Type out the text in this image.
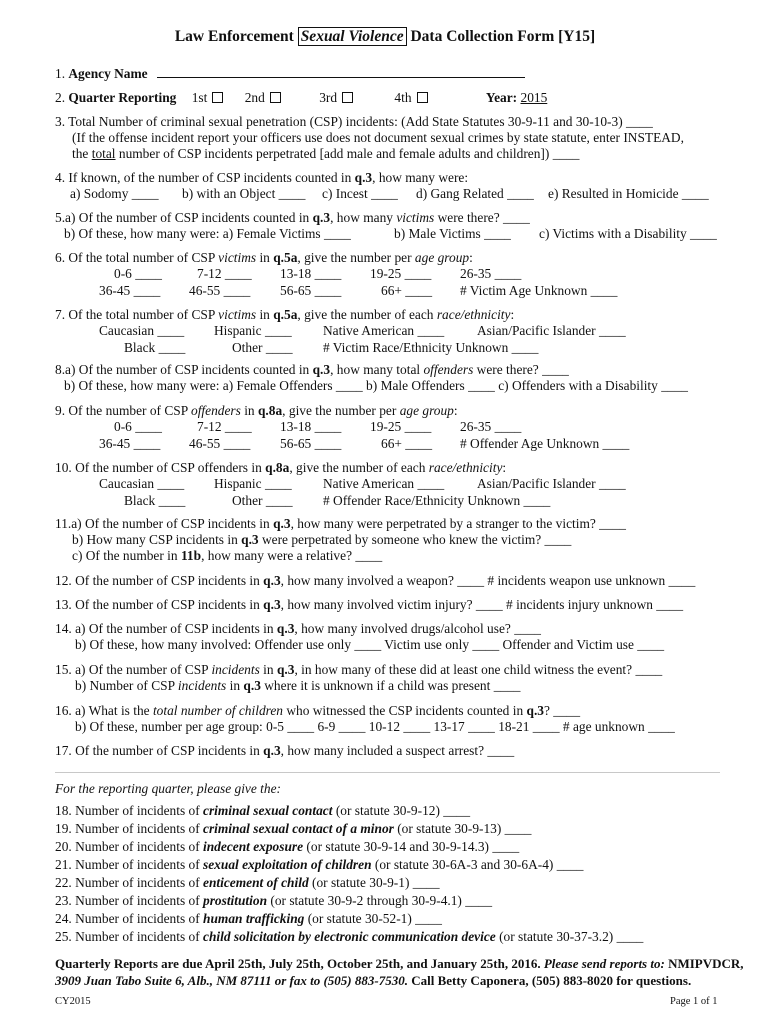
Law Enforcement Sexual Violence Data Collection Form [Y15]
1. Agency Name
2. Quarter Reporting 1st	2nd	3rd	4th	Year: 2015
3. Total Number of criminal sexual penetration (CSP) incidents: (Add State Statutes 30-9-11 and 30-10-3) ____
(If the offense incident report your officers use does not document sexual crimes by state statute, enter INSTEAD,
the total number of CSP incidents perpetrated [add male and female adults and children]) ____
4. If known, of the number of CSP incidents counted in q.3, how many were:
a) Sodomy ____ b) with an Object ____ c) Incest ____ d) Gang Related ____ e) Resulted in Homicide ____
5.a) Of the number of CSP incidents counted in q.3, how many victims were there? ____
b) Of these, how many were: a) Female Victims ____	b) Male Victims ____ c) Victims with a Disability ____
6. Of the total number of CSP victims in q.5a, give the number per age group:
0-6 ____	7-12 ____ 13-18 ____ 19-25 ____ 26-35 ____
36-45 ____ 46-55 ____ 56-65 ____	66+ ____ # Victim Age Unknown ____
7. Of the total number of CSP victims in q.5a, give the number of each race/ethnicity:
Caucasian ____ Hispanic ____ Native American ____ Asian/Pacific Islander ____
Black ____	Other ____ # Victim Race/Ethnicity Unknown ____
8.a) Of the number of CSP incidents counted in q.3, how many total offenders were there? ____
b) Of these, how many were: a) Female Offenders ____ b) Male Offenders ____ c) Offenders with a Disability ____
9. Of the number of CSP offenders in q.8a, give the number per age group:
0-6 ____	7-12 ____ 13-18 ____ 19-25 ____ 26-35 ____
36-45 ____ 46-55 ____ 56-65 ____	66+ ____ # Offender Age Unknown ____
10. Of the number of CSP offenders in q.8a, give the number of each race/ethnicity:
Caucasian ____ Hispanic ____ Native American ____ Asian/Pacific Islander ____
Black ____	Other ____ # Offender Race/Ethnicity Unknown ____
11.a) Of the number of CSP incidents in q.3, how many were perpetrated by a stranger to the victim? ____
b) How many CSP incidents in q.3 were perpetrated by someone who knew the victim? ____
c) Of the number in 11b, how many were a relative? ____
12. Of the number of CSP incidents in q.3, how many involved a weapon? ____ # incidents weapon use unknown ____
13. Of the number of CSP incidents in q.3, how many involved victim injury? ____ # incidents injury unknown ____
14. a) Of the number of CSP incidents in q.3, how many involved drugs/alcohol use? ____
b) Of these, how many involved: Offender use only ____ Victim use only ____ Offender and Victim use ____
15. a) Of the number of CSP incidents in q.3, in how many of these did at least one child witness the event? ____
b) Number of CSP incidents in q.3 where it is unknown if a child was present ____
16. a) What is the total number of children who witnessed the CSP incidents counted in q.3? ____
b) Of these, number per age group: 0-5 ____ 6-9 ____ 10-12 ____ 13-17 ____ 18-21 ____ # age unknown ____
17. Of the number of CSP incidents in q.3, how many included a suspect arrest? ____
For the reporting quarter, please give the:
18. Number of incidents of criminal sexual contact (or statute 30-9-12) ____
19. Number of incidents of criminal sexual contact of a minor (or statute 30-9-13) ____
20. Number of incidents of indecent exposure (or statute 30-9-14 and 30-9-14.3) ____
21. Number of incidents of sexual exploitation of children (or statute 30-6A-3 and 30-6A-4) ____
22. Number of incidents of enticement of child (or statute 30-9-1) ____
23. Number of incidents of prostitution (or statute 30-9-2 through 30-9-4.1) ____
24. Number of incidents of human trafficking (or statute 30-52-1) ____
25. Number of incidents of child solicitation by electronic communication device (or statute 30-37-3.2) ____
Quarterly Reports are due April 25th, July 25th, October 25th, and January 25th, 2016. Please send reports to: NMIPVDCR,
3909 Juan Tabo Suite 6, Alb., NM 87111 or fax to (505) 883-7530. Call Betty Caponera, (505) 883-8020 for questions.
CY2015	Page 1 of 1
